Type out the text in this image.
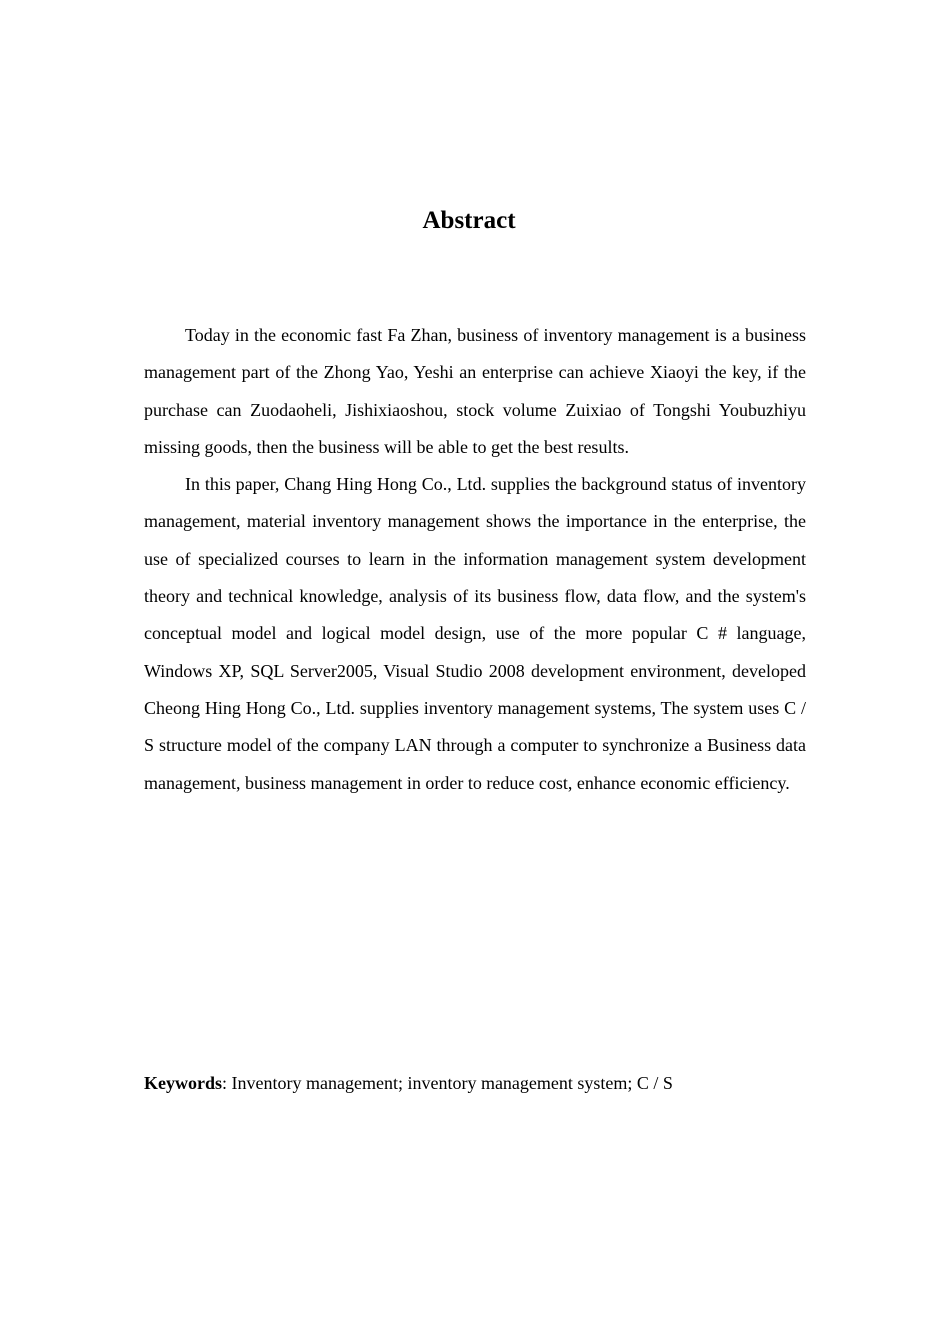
Abstract

Today in the economic fast Fa Zhan, business of inventory management is a business management part of the Zhong Yao, Yeshi an enterprise can achieve Xiaoyi the key, if the purchase can Zuodaoheli, Jishixiaoshou, stock volume Zuixiao of Tongshi Youbuzhiyu missing goods, then the business will be able to get the best results.

In this paper, Chang Hing Hong Co., Ltd. supplies the background status of inventory management, material inventory management shows the importance in the enterprise, the use of specialized courses to learn in the information management system development theory and technical knowledge, analysis of its business flow, data flow, and the system's conceptual model and logical model design, use of the more popular C # language, Windows XP, SQL Server2005, Visual Studio 2008 development environment, developed Cheong Hing Hong Co., Ltd. supplies inventory management systems, The system uses C / S structure model of the company LAN through a computer to synchronize a Business data management, business management in order to reduce cost, enhance economic efficiency.

Keywords: Inventory management; inventory management system; C / S
